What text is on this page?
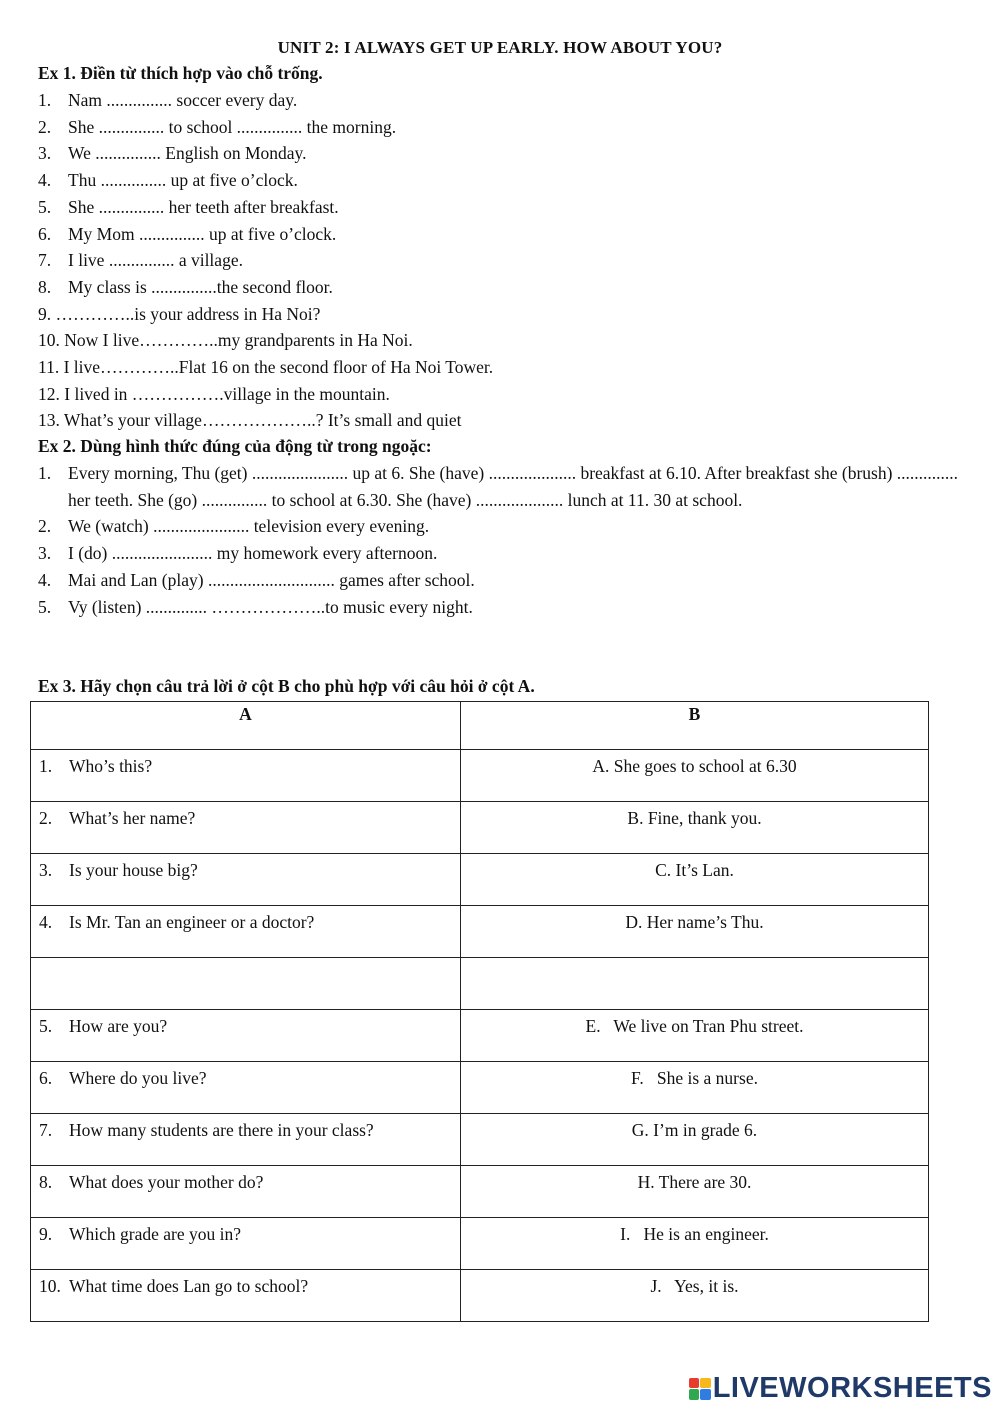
UNIT 2: I ALWAYS GET UP EARLY. HOW ABOUT YOU?
Ex 1. Điền từ thích hợp vào chỗ trống.
1. Nam ............... soccer every day.
2. She ............... to school ............... the morning.
3. We ............... English on Monday.
4. Thu ............... up at five o’clock.
5. She ............... her teeth after breakfast.
6. My Mom ............... up at five o’clock.
7. I live ............... a village.
8. My class is ...............the second floor.
9. …………..is your address in Ha Noi?
10. Now I live…………..my grandparents in Ha Noi.
11. I live…………..Flat 16 on the second floor of Ha Noi Tower.
12. I lived in …………….village in the mountain.
13. What’s your village………………..? It’s small and quiet
Ex 2. Dùng hình thức đúng của động từ trong ngoặc:
1. Every morning, Thu (get) ...................... up at 6. She (have) .................... breakfast at 6.10. After breakfast she (brush) .............. her teeth. She (go) ............... to school at 6.30. She (have) .................... lunch at 11. 30 at school.
2. We (watch) ...................... television every evening.
3. I (do) ....................... my homework every afternoon.
4. Mai and Lan (play) ............................. games after school.
5. Vy (listen) .............. ………………..to music every night.
Ex 3. Hãy chọn câu trả lời ở cột B cho phù hợp với câu hỏi ở cột A.
A	B
1. Who’s this?	A. She goes to school at 6.30
2. What’s her name?	B. Fine, thank you.
3. Is your house big?	C. It’s Lan.
4. Is Mr. Tan an engineer or a doctor?	D. Her name’s Thu.

5. How are you?	E.   We live on Tran Phu street.
6. Where do you live?	F.   She is a nurse.
7. How many students are there in your class?	G. I’m in grade 6.
8. What does your mother do?	H. There are 30.
9. Which grade are you in?	I.   He is an engineer.
10. What time does Lan go to school?	J.   Yes, it is.
LIVEWORKSHEETS
